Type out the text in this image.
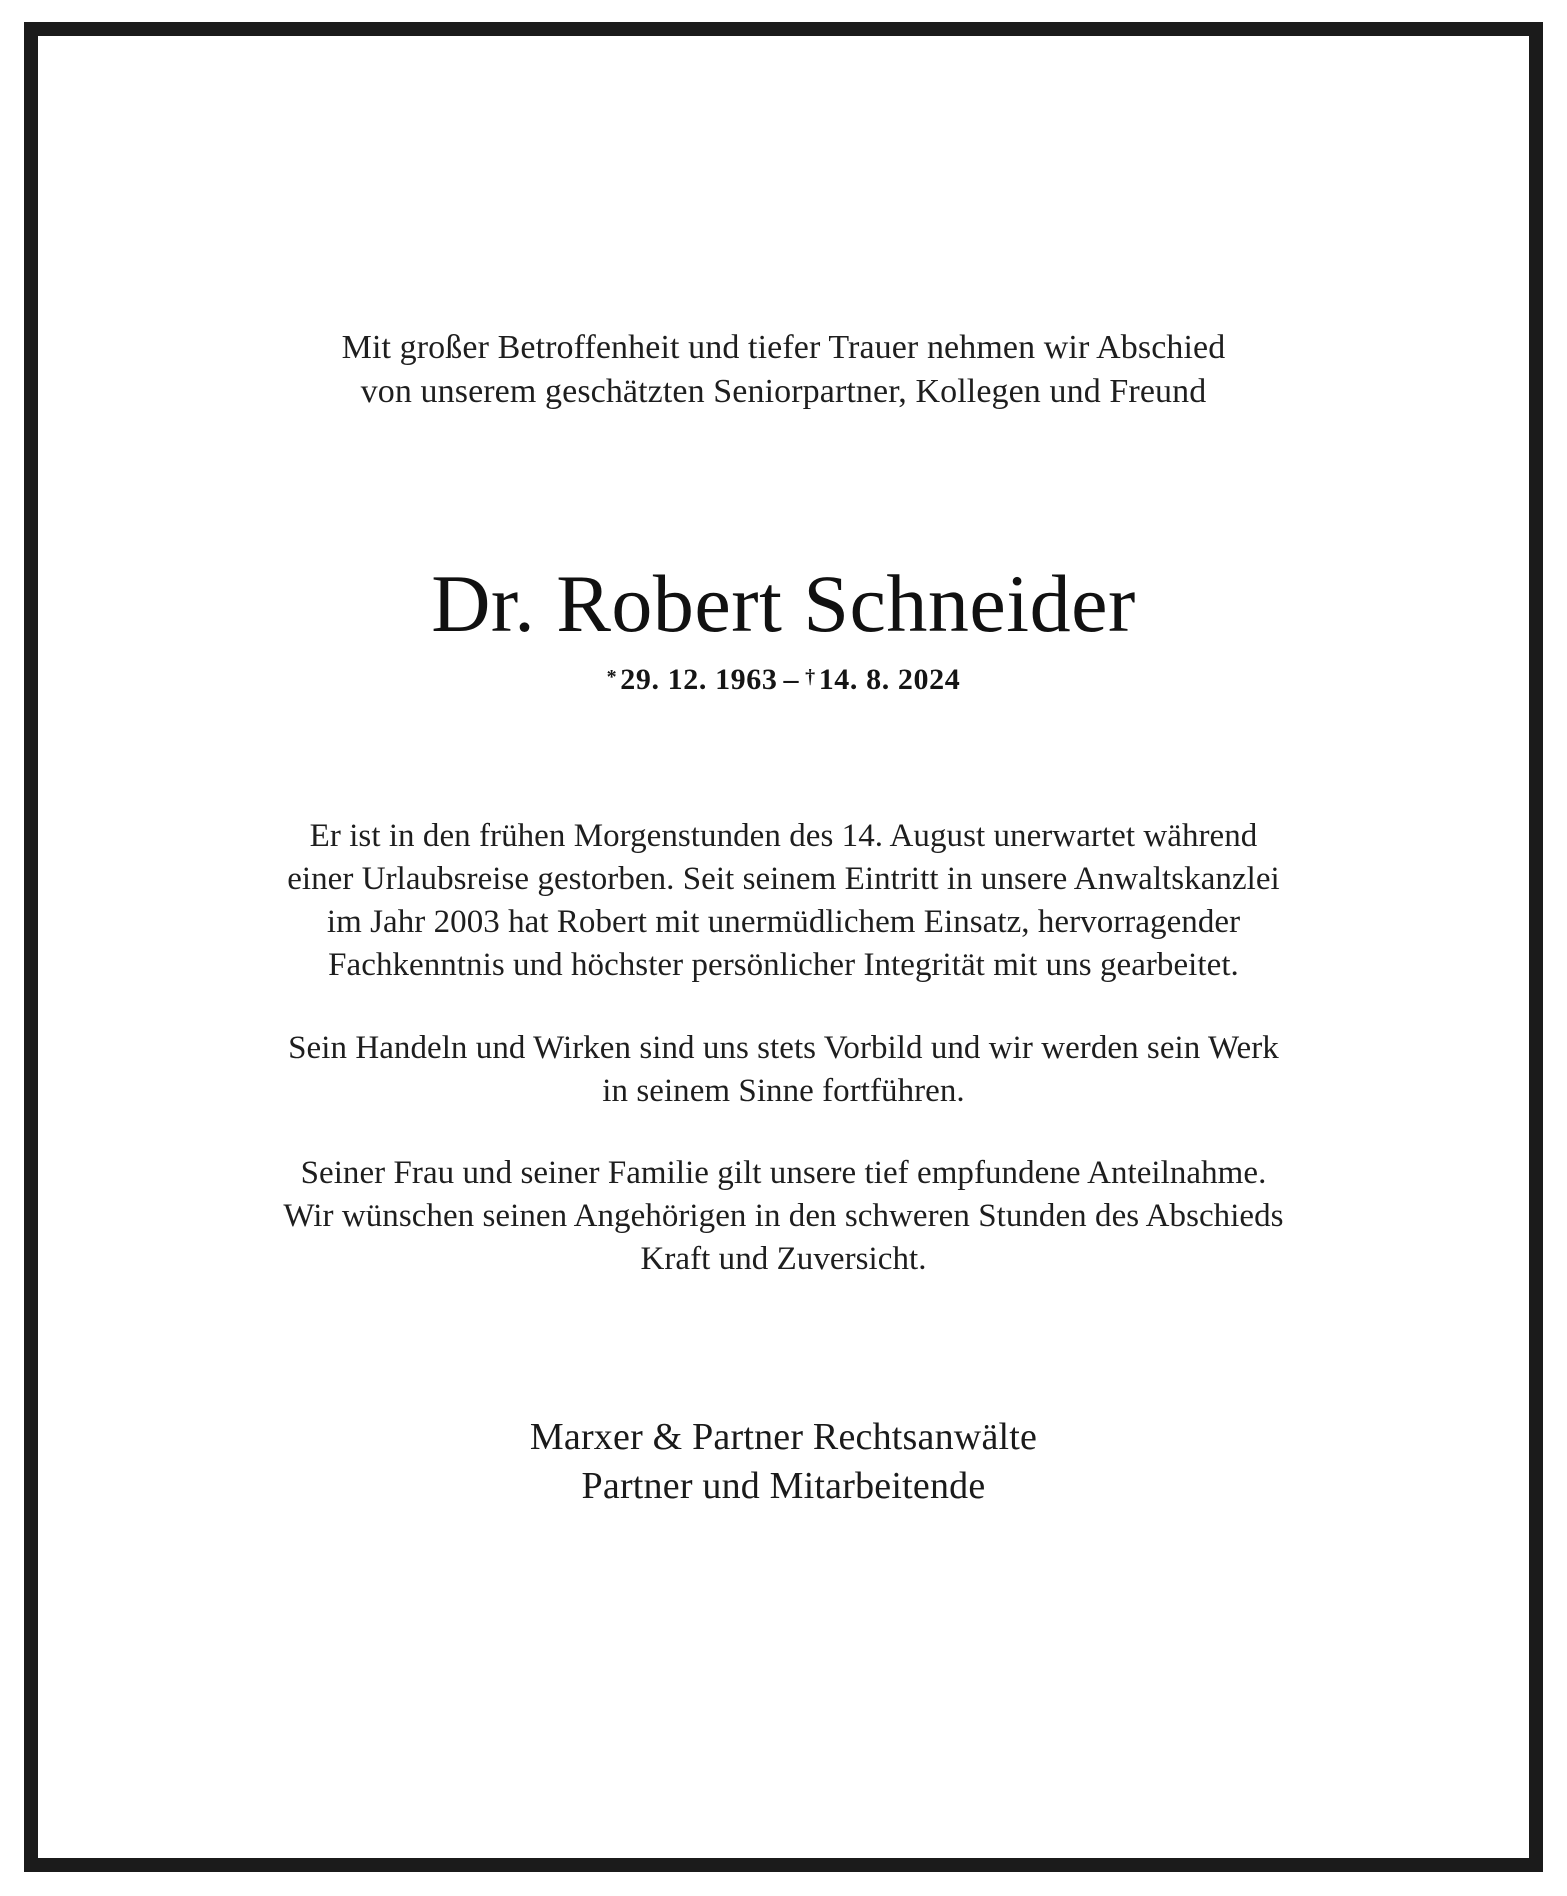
Mit großer Betroffenheit und tiefer Trauer nehmen wir Abschied
von unserem geschätzten Seniorpartner, Kollegen und Freund
Dr. Robert Schneider
* 29. 12. 1963 – † 14. 8. 2024
Er ist in den frühen Morgenstunden des 14. August unerwartet während
einer Urlaubsreise gestorben. Seit seinem Eintritt in unsere Anwaltskanzlei
im Jahr 2003 hat Robert mit unermüdlichem Einsatz, hervorragender
Fachkenntnis und höchster persönlicher Integrität mit uns gearbeitet.
Sein Handeln und Wirken sind uns stets Vorbild und wir werden sein Werk
in seinem Sinne fortführen.
Seiner Frau und seiner Familie gilt unsere tief empfundene Anteilnahme.
Wir wünschen seinen Angehörigen in den schweren Stunden des Abschieds
Kraft und Zuversicht.
Marxer & Partner Rechtsanwälte
Partner und Mitarbeitende
